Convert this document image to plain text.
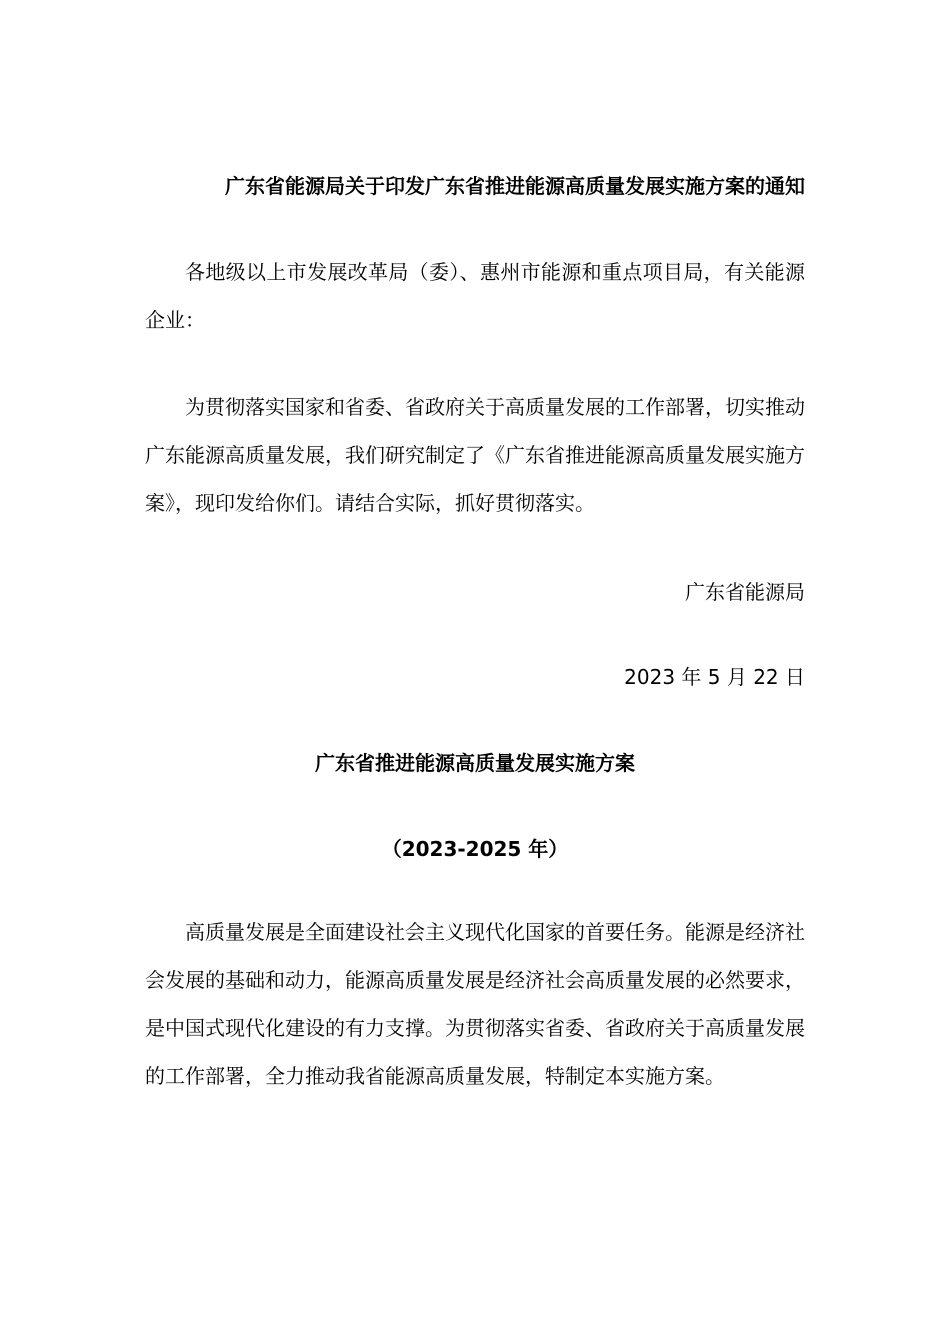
广东省能源局关于印发广东省推进能源高质量发展实施方案的通知

各地级以上市发展改革局（委）、惠州市能源和重点项目局，有关能源企业：

为贯彻落实国家和省委、省政府关于高质量发展的工作部署，切实推动广东能源高质量发展，我们研究制定了《广东省推进能源高质量发展实施方案》，现印发给你们。请结合实际，抓好贯彻落实。

广东省能源局
2023 年 5 月 22 日
广东省推进能源高质量发展实施方案
（2023-2025 年）

高质量发展是全面建设社会主义现代化国家的首要任务。能源是经济社会发展的基础和动力，能源高质量发展是经济社会高质量发展的必然要求，是中国式现代化建设的有力支撑。为贯彻落实省委、省政府关于高质量发展的工作部署，全力推动我省能源高质量发展，特制定本实施方案。
